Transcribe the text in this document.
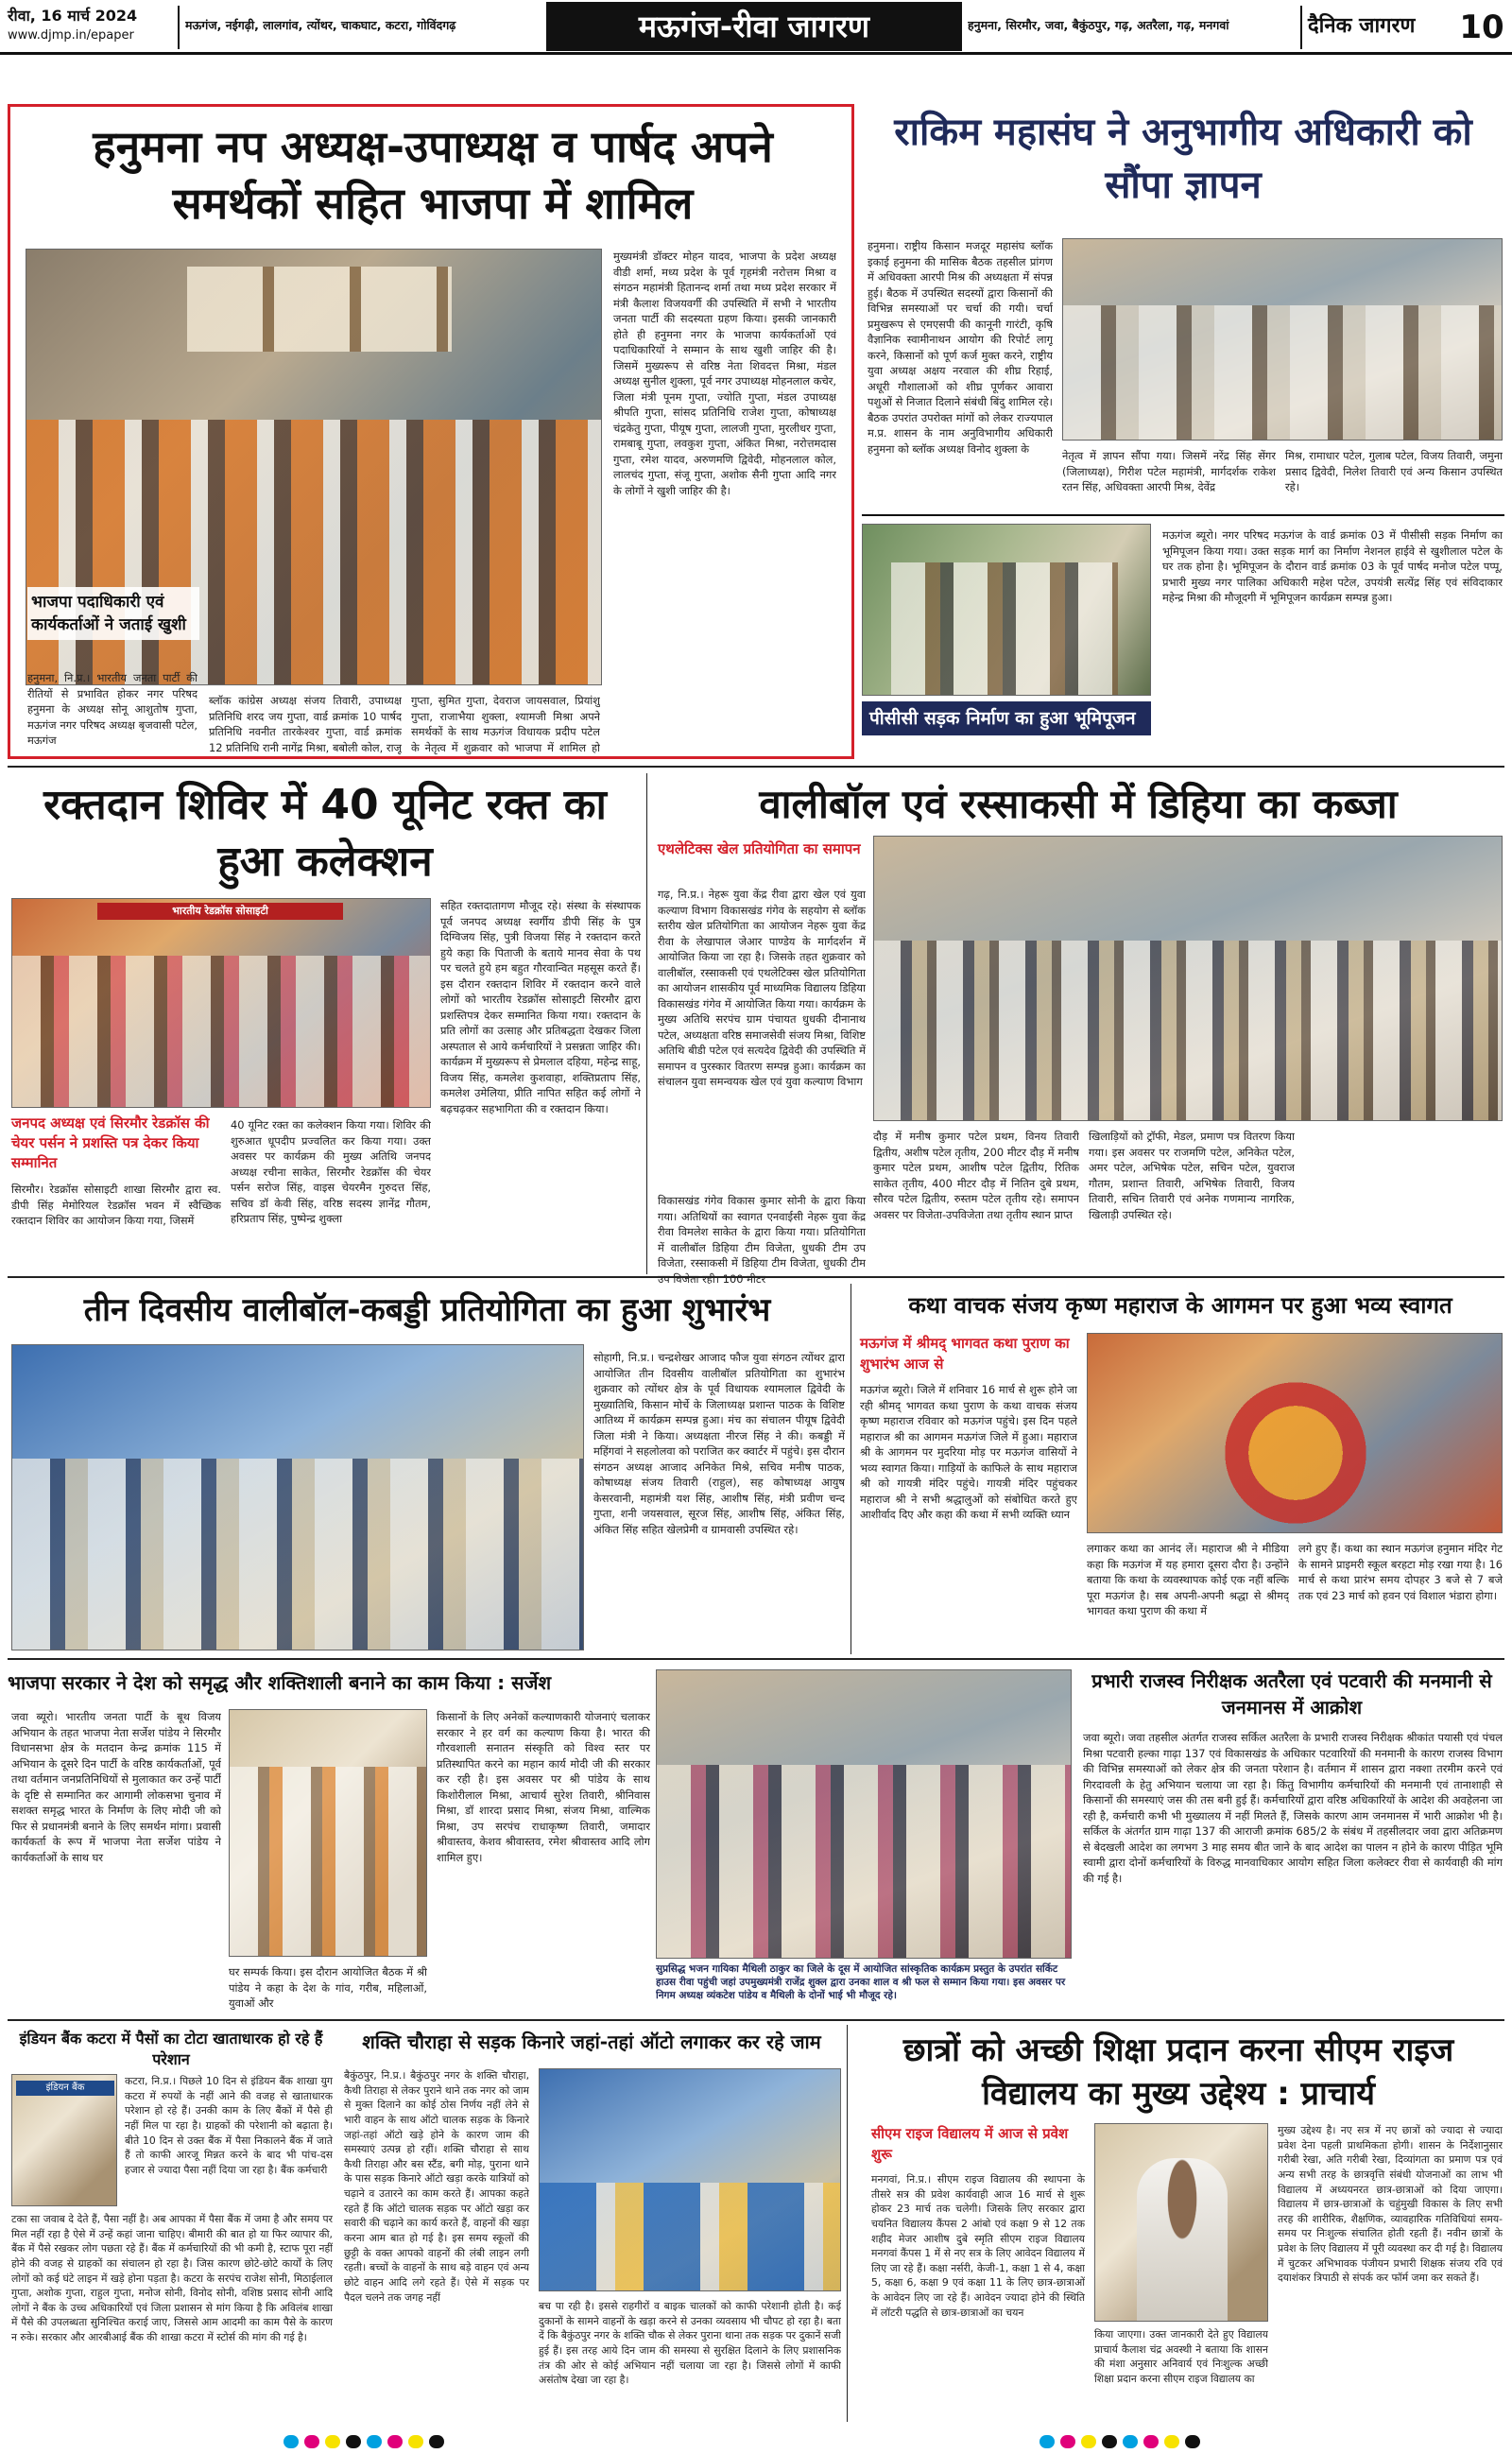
रीवा, 16 मार्च 2024
www.djmp.in/epaper
मऊगंज, नईगढ़ी, लालगांव, त्योंथर, चाकघाट, कटरा, गोविंदगढ़	मऊगंज-रीवा जागरण	हनुमना, सिरमौर, जवा, बैकुंठपुर, गढ़, अतरैला, गढ़, मनगवां	दैनिक जागरण	10
हनुमना नप अध्यक्ष-उपाध्यक्ष व पार्षद अपने समर्थकों सहित भाजपा में शामिल
भाजपा पदाधिकारी एवं कार्यकर्ताओं ने जताई खुशी
हनुमना, नि.प्र.। भारतीय जनता पार्टी की रीतियों से प्रभावित होकर नगर परिषद हनुमना के अध्यक्ष सोनू आशुतोष गुप्ता, मऊगंज नगर परिषद अध्यक्ष बृजवासी पटेल, मऊगंज
ब्लॉक कांग्रेस अध्यक्ष संजय तिवारी, उपाध्यक्ष प्रतिनिधि शरद जय गुप्ता, वार्ड क्रमांक 10 पार्षद प्रतिनिधि नवनीत तारकेश्वर गुप्ता, वार्ड क्रमांक 12 प्रतिनिधि रानी नागेंद्र मिश्रा, बबोली कोल, राजू
गुप्ता, सुमित गुप्ता, देवराज जायसवाल, प्रियांशु गुप्ता, राजाभैया शुक्ला, श्यामजी मिश्रा अपने समर्थकों के साथ मऊगंज विधायक प्रदीप पटेल के नेतृत्व में शुक्रवार को भाजपा में शामिल हो
मुख्यमंत्री डॉक्टर मोहन यादव, भाजपा के प्रदेश अध्यक्ष वीडी शर्मा, मध्य प्रदेश के पूर्व गृहमंत्री नरोत्तम मिश्रा व संगठन महामंत्री हितानन्द शर्मा तथा मध्य प्रदेश सरकार में मंत्री कैलाश विजयवर्गी की उपस्थिति में सभी ने भारतीय जनता पार्टी की सदस्यता ग्रहण किया। इसकी जानकारी होते ही हनुमना नगर के भाजपा कार्यकर्ताओं एवं पदाधिकारियों ने सम्मान के साथ खुशी जाहिर की है। जिसमें मुख्यरूप से वरिष्ठ नेता शिवदत्त मिश्रा, मंडल अध्यक्ष सुनील शुक्ला, पूर्व नगर उपाध्यक्ष मोहनलाल कचेर, जिला मंत्री पूनम गुप्ता, ज्योति गुप्ता, मंडल उपाध्यक्ष श्रीपति गुप्ता, सांसद प्रतिनिधि राजेश गुप्ता, कोषाध्यक्ष चंद्रकेतु गुप्ता, पीयूष गुप्ता, लालजी गुप्ता, मुरलीधर गुप्ता, रामबाबू गुप्ता, लवकुश गुप्ता, अंकित मिश्रा, नरोत्तमदास गुप्ता, रमेश यादव, अरुणमणि द्विवेदी, मोहनलाल कोल, लालचंद गुप्ता, संजू गुप्ता, अशोक सैनी गुप्ता आदि नगर के लोगों ने खुशी जाहिर की है।
राकिम महासंघ ने अनुभागीय अधिकारी को सौंपा ज्ञापन
हनुमना। राष्ट्रीय किसान मजदूर महासंघ ब्लॉक इकाई हनुमना की मासिक बैठक तहसील प्रांगण में अधिवक्ता आरपी मिश्र की अध्यक्षता में संपन्न हुई। बैठक में उपस्थित सदस्यों द्वारा किसानों की विभिन्न समस्याओं पर चर्चा की गयी। चर्चा प्रमुखरूप से एमएसपी की कानूनी गारंटी, कृषि वैज्ञानिक स्वामीनाथन आयोग की रिपोर्ट लागू करने, किसानों को पूर्ण कर्ज मुक्त करने, राष्ट्रीय युवा अध्यक्ष अक्षय नरवाल की शीघ्र रिहाई, अधूरी गौशालाओं को शीघ्र पूर्णकर आवारा पशुओं से निजात दिलाने संबंधी बिंदु शामिल रहे। बैठक उपरांत उपरोक्त मांगों को लेकर राज्यपाल म.प्र. शासन के नाम अनुविभागीय अधिकारी हनुमना को ब्लॉक अध्यक्ष विनोद शुक्ला के
नेतृत्व में ज्ञापन सौंपा गया। जिसमें नरेंद्र सिंह सेंगर (जिलाध्यक्ष), गिरीश पटेल महामंत्री, मार्गदर्शक राकेश रतन सिंह, अधिवक्ता आरपी मिश्र, देवेंद्र
मिश्र, रामाधार पटेल, गुलाब पटेल, विजय तिवारी, जमुना प्रसाद द्विवेदी, निलेश तिवारी एवं अन्य किसान उपस्थित रहे।
पीसीसी सड़क निर्माण का हुआ भूमिपूजन
मऊगंज ब्यूरो। नगर परिषद मऊगंज के वार्ड क्रमांक 03 में पीसीसी सड़क निर्माण का भूमिपूजन किया गया। उक्त सड़क मार्ग का निर्माण नेशनल हाईवे से खुशीलाल पटेल के घर तक होना है। भूमिपूजन के दौरान वार्ड क्रमांक 03 के पूर्व पार्षद मनोज पटेल पप्पू, प्रभारी मुख्य नगर पालिका अधिकारी महेश पटेल, उपयंत्री सत्येंद्र सिंह एवं संविदाकार महेन्द्र मिश्रा की मौजूदगी में भूमिपूजन कार्यक्रम सम्पन्न हुआ।
रक्तदान शिविर में 40 यूनिट रक्त का हुआ कलेक्शन
भारतीय रेडक्रॉस सोसाइटी
जनपद अध्यक्ष एवं सिरमौर रेडक्रॉस की चेयर पर्सन ने प्रशस्ति पत्र देकर किया सम्मानित
सिरमौर। रेडक्रॉस सोसाइटी शाखा सिरमौर द्वारा स्व. डीपी सिंह मेमोरियल रेडक्रॉस भवन में स्वैच्छिक रक्तदान शिविर का आयोजन किया गया, जिसमें
40 यूनिट रक्त का कलेक्शन किया गया। शिविर की शुरुआत धूपदीप प्रज्वलित कर किया गया। उक्त अवसर पर कार्यक्रम की मुख्य अतिथि जनपद अध्यक्ष रचीना साकेत, सिरमौर रेडक्रॉस की चेयर पर्सन सरोज सिंह, वाइस चेयरमैन गुरुदत्त सिंह, सचिव डॉ केवी सिंह, वरिष्ठ सदस्य ज्ञानेंद्र गौतम, हरिप्रताप सिंह, पुष्पेन्द्र शुक्ला
सहित रक्तदातागण मौजूद रहे। संस्था के संस्थापक पूर्व जनपद अध्यक्ष स्वर्गीय डीपी सिंह के पुत्र दिग्विजय सिंह, पुत्री विजया सिंह ने रक्तदान करते हुये कहा कि पिताजी के बताये मानव सेवा के पथ पर चलते हुये हम बहुत गौरवान्वित महसूस करते हैं। इस दौरान रक्तदान शिविर में रक्तदान करने वाले लोगों को भारतीय रेडक्रॉस सोसाइटी सिरमौर द्वारा प्रशस्तिपत्र देकर सम्मानित किया गया। रक्तदान के प्रति लोगों का उत्साह और प्रतिबद्धता देखकर जिला अस्पताल से आये कर्मचारियों ने प्रसन्नता जाहिर की। कार्यक्रम में मुख्यरूप से प्रेमलाल दहिया, महेन्द्र साहू, विजय सिंह, कमलेश कुशवाहा, शक्तिप्रताप सिंह, कमलेश उमेलिया, प्रीति नापित सहित कई लोगों ने बढ़चढ़कर सहभागिता की व रक्तदान किया।
वालीबॉल एवं रस्साकसी में डिहिया का कब्जा
एथलेटिक्स खेल प्रतियोगिता का समापन
गढ़, नि.प्र.। नेहरू युवा केंद्र रीवा द्वारा खेल एवं युवा कल्याण विभाग विकासखंड गंगेव के सहयोग से ब्लॉक स्तरीय खेल प्रतियोगिता का आयोजन नेहरू युवा केंद्र रीवा के लेखापाल जेआर पाण्डेय के मार्गदर्शन में आयोजित किया जा रहा है। जिसके तहत शुक्रवार को वालीबॉल, रस्साकसी एवं एथलेटिक्स खेल प्रतियोगिता का आयोजन शासकीय पूर्व माध्यमिक विद्यालय डिहिया विकासखंड गंगेव में आयोजित किया गया। कार्यक्रम के मुख्य अतिथि सरपंच ग्राम पंचायत धुधकी दीनानाथ पटेल, अध्यक्षता वरिष्ठ समाजसेवी संजय मिश्रा, विशिष्ट अतिथि बीडी पटेल एवं सत्यदेव द्विवेदी की उपस्थिति में समापन व पुरस्कार वितरण सम्पन्न हुआ। कार्यक्रम का संचालन युवा समन्वयक खेल एवं युवा कल्याण विभाग
विकासखंड गंगेव विकास कुमार सोनी के द्वारा किया गया। अतिथियों का स्वागत एनवाईसी नेहरू युवा केंद्र रीवा विमलेश साकेत के द्वारा किया गया। प्रतियोगिता में वालीबॉल डिहिया टीम विजेता, धुधकी टीम उप विजेता, रस्साकसी में डिहिया टीम विजेता, धुधकी टीम
दौड़ में मनीष कुमार पटेल प्रथम, विनय तिवारी द्वितीय, अशीष पटेल तृतीय, 200 मीटर दौड़ में मनीष कुमार पटेल प्रथम, आशीष पटेल द्वितीय, रितिक साकेत तृतीय, 400 मीटर दौड़ में नितिन दुबे प्रथम, सौरव पटेल द्वितीय, रुस्तम पटेल तृतीय रहे। समापन अवसर पर विजेता-उपविजेता तथा तृतीय स्थान प्राप्त
खिलाड़ियों को ट्रॉफी, मेडल, प्रमाण पत्र वितरण किया गया। इस अवसर पर राजमणि पटेल, अनिकेत पटेल, अमर पटेल, अभिषेक पटेल, सचिन पटेल, युवराज गौतम, प्रशान्त तिवारी, अभिषेक तिवारी, विजय तिवारी, सचिन तिवारी एवं अनेक गणमान्य नागरिक, खिलाड़ी उपस्थित रहे।
तीन दिवसीय वालीबॉल-कबड्डी प्रतियोगिता का हुआ शुभारंभ
सोहागी, नि.प्र.। चन्द्रशेखर आजाद फौज युवा संगठन त्योंथर द्वारा आयोजित तीन दिवसीय वालीबॉल प्रतियोगिता का शुभारंभ शुक्रवार को त्योंथर क्षेत्र के पूर्व विधायक श्यामलाल द्विवेदी के मुख्यातिथि, किसान मोर्चे के जिलाध्यक्ष प्रशान्त पाठक के विशिष्ट आतिथ्य में कार्यक्रम सम्पन्न हुआ। मंच का संचालन पीयूष द्विवेदी जिला मंत्री ने किया। अध्यक्षता नीरज सिंह ने की। कबड्डी में महिंगवां ने सहलोलवा को पराजित कर क्वार्टर में पहुंचे। इस दौरान संगठन अध्यक्ष आजाद अनिकेत मिश्रे, सचिव मनीष पाठक, कोषाध्यक्ष संजय तिवारी (राहुल), सह कोषाध्यक्ष आयुष केसरवानी, महामंत्री यश सिंह, आशीष सिंह, मंत्री प्रवीण चन्द गुप्ता, शनी जयसवाल, सूरज सिंह, आशीष सिंह, अंकित सिंह, अंकित सिंह सहित खेलप्रेमी व ग्रामवासी उपस्थित रहे।
कथा वाचक संजय कृष्ण महाराज के आगमन पर हुआ भव्य स्वागत
मऊगंज में श्रीमद् भागवत कथा पुराण का शुभारंभ आज से
मऊगंज ब्यूरो। जिले में शनिवार 16 मार्च से शुरू होने जा रही श्रीमद् भागवत कथा पुराण के कथा वाचक संजय कृष्ण महाराज रविवार को मऊगंज पहुंचे। इस दिन पहले महाराज श्री का आगमन मऊगंज जिले में हुआ। महाराज श्री के आगमन पर मुदरिया मोड़ पर मऊगंज वासियों ने भव्य स्वागत किया। गाड़ियों के काफिले के साथ महाराज श्री को गायत्री मंदिर पहुंचे। गायत्री मंदिर पहुंचकर महाराज श्री ने सभी श्रद्धालुओं को संबोधित करते हुए आशीर्वाद दिए और कहा की कथा में सभी व्यक्ति ध्यान
लगाकर कथा का आनंद लें। महाराज श्री ने मीडिया कहा कि मऊगंज में यह हमारा दूसरा दौरा है। उन्होंने बताया कि कथा के व्यवस्थापक कोई एक नहीं बल्कि पूरा मऊगंज है। सब अपनी-अपनी श्रद्धा से श्रीमद् भागवत कथा पुराण की कथा में
लगे हुए हैं। कथा का स्थान मऊगंज हनुमान मंदिर गेट के सामने प्राइमरी स्कूल बरहटा मोड़ रखा गया है। 16 मार्च से कथा प्रारंभ समय दोपहर 3 बजे से 7 बजे तक एवं 23 मार्च को हवन एवं विशाल भंडारा होगा।
भाजपा सरकार ने देश को समृद्ध और शक्तिशाली बनाने का काम किया : सर्जेश
जवा ब्यूरो। भारतीय जनता पार्टी के बूथ विजय अभियान के तहत भाजपा नेता सर्जेश पांडेय ने सिरमौर विधानसभा क्षेत्र के मतदान केन्द्र क्रमांक 115 में अभियान के दूसरे दिन पार्टी के वरिष्ठ कार्यकर्ताओं, पूर्व तथा वर्तमान जनप्रतिनिधियों से मुलाकात कर उन्हें पार्टी के दृष्टि से सम्मानित कर आगामी लोकसभा चुनाव में सशक्त समृद्ध भारत के निर्माण के लिए मोदी जी को फिर से प्रधानमंत्री बनाने के लिए समर्थन मांगा। प्रवासी कार्यकर्ता के रूप में भाजपा नेता सर्जेश पांडेय ने कार्यकर्ताओं के साथ घर
घर सम्पर्क किया। इस दौरान आयोजित बैठक में श्री पांडेय ने कहा के देश के गांव, गरीब, महिलाओं, युवाओं और
किसानों के लिए अनेकों कल्याणकारी योजनाएं चलाकर सरकार ने हर वर्ग का कल्याण किया है। भारत की गौरवशाली सनातन संस्कृति को विश्व स्तर पर प्रतिस्थापित करने का महान कार्य मोदी जी की सरकार कर रही है। इस अवसर पर श्री पांडेय के साथ किशोरीलाल मिश्रा, आचार्य सुरेश तिवारी, श्रीनिवास मिश्रा, डॉ शारदा प्रसाद मिश्रा, संजय मिश्रा, वाल्मिक मिश्रा, उप सरपंच राधाकृष्ण तिवारी, जमादार श्रीवास्तव, केशव श्रीवास्तव, रमेश श्रीवास्तव आदि लोग शामिल हुए।
सुप्रसिद्ध भजन गायिका मैथिली ठाकुर का जिले के दूस में आयोजित सांस्कृतिक कार्यक्रम प्रस्तुत के उपरांत सर्किट हाउस रीवा पहुंची जहां उपमुख्यमंत्री राजेंद्र शुक्ल द्वारा उनका शाल व श्री फल से सम्मान किया गया। इस अवसर पर निगम अध्यक्ष व्यंकटेश पांडेय व मैथिली के दोनों भाई भी मौजूद रहे।
प्रभारी राजस्व निरीक्षक अतरैला एवं पटवारी की मनमानी से जनमानस में आक्रोश
जवा ब्यूरो। जवा तहसील अंतर्गत राजस्व सर्किल अतरैला के प्रभारी राजस्व निरीक्षक श्रीकांत पयासी एवं पंचल मिश्रा पटवारी हल्का गाढ़ा 137 एवं विकासखंड के अधिकार पटवारियों की मनमानी के कारण राजस्व विभाग की विभिन्न समस्याओं को लेकर क्षेत्र की जनता परेशान है। वर्तमान में शासन द्वारा नक्शा तरमीम करने एवं गिरदावली के हेतु अभियान चलाया जा रहा है। किंतु विभागीय कर्मचारियों की मनमानी एवं तानाशाही से किसानों की समस्याएं जस की तस बनी हुई हैं। कर्मचारियों द्वारा वरिष्ठ अधिकारियों के आदेश की अवहेलना जा रही है, कर्मचारी कभी भी मुख्यालय में नहीं मिलते हैं, जिसके कारण आम जनमानस में भारी आक्रोश भी है। सर्किल के अंतर्गत ग्राम गाढ़ा 137 की आराजी क्रमांक 685/2 के संबंध में तहसीलदार जवा द्वारा अतिक्रमण से बेदखली आदेश का लगभग 3 माह समय बीत जाने के बाद आदेश का पालन न होने के कारण पीड़ित भूमि स्वामी द्वारा दोनों कर्मचारियों के विरुद्ध मानवाधिकार आयोग सहित जिला कलेक्टर रीवा से कार्यवाही की मांग की गई है।
इंडियन बैंक कटरा में पैसों का टोटा खाताधारक हो रहे हैं परेशान
इंडियन बैंक
कटरा, नि.प्र.। पिछले 10 दिन से इंडियन बैंक शाखा युग कटरा में रुपयों के नहीं आने की वजह से खाताधारक परेशान हो रहे हैं। उनकी काम के लिए बैंकों में पैसे ही नहीं मिल पा रहा है। ग्राहकों की परेशानी को बढ़ाता है। बीते 10 दिन से उक्त बैंक में पैसा निकालने बैंक में जाते हैं तो काफी आरजू मिन्नत करने के बाद भी पांच-दस हजार से ज्यादा पैसा नहीं दिया जा रहा है। बैंक कर्मचारी
टका सा जवाब दे देते हैं, पैसा नहीं है। अब आपका में पैसा बैंक में जमा है और समय पर मिल नहीं रहा है ऐसे में उन्हें कहां जाना चाहिए। बीमारी की बात हो या फिर व्यापार की, बैंक में पैसे रखकर लोग पछता रहे हैं। बैंक में कर्मचारियों की भी कमी है, स्टाफ पूरा नहीं होने की वजह से ग्राहकों का संचालन हो रहा है। जिस कारण छोटे-छोटे कार्यों के लिए लोगों को कई घंटे लाइन में खड़े होना पड़ता है। कटरा के सरपंच राजेश सोनी, मिठाईलाल गुप्ता, अशोक गुप्ता, राहुल गुप्ता, मनोज सोनी, विनोद सोनी, वशिष्ठ प्रसाद सोनी आदि लोगों ने बैंक के उच्च अधिकारियों एवं जिला प्रशासन से मांग किया है कि अविलंब शाखा में पैसे की उपलब्धता सुनिश्चित कराई जाए, जिससे आम आदमी का काम पैसे के कारण न रुके। सरकार और आरबीआई बैंक की शाखा कटरा में स्टोर्स की मांग की गई है।
शक्ति चौराहा से सड़क किनारे जहां-तहां ऑटो लगाकर कर रहे जाम
बैकुंठपुर, नि.प्र.। बैकुंठपुर नगर के शक्ति चौराहा, कैथी तिराहा से लेकर पुराने थाने तक नगर को जाम से मुक्त दिलाने का कोई ठोस निर्णय नहीं लेने से भारी वाहन के साथ ऑटो चालक सड़क के किनारे जहां-तहां ऑटो खड़े होने के कारण जाम की समस्याएं उत्पन्न हो रहीं। शक्ति चौराहा से साथ कैथी तिराहा और बस स्टैंड, बगी मोड़, पुराना थाने के पास सड़क किनारे ऑटो खड़ा करके यात्रियों को चढ़ाने व उतारने का काम करते हैं। आपका कहते रहते हैं कि ऑटो चालक सड़क पर ऑटो खड़ा कर सवारी की चढ़ाने का कार्य करते हैं, वाहनों की खड़ा करना आम बात हो गई है। इस समय स्कूलों की छुट्टी के वक्त आपको वाहनों की लंबी लाइन लगी रहती। बच्चों के वाहनों के साथ बड़े वाहन एवं अन्य छोटे वाहन आदि लगे रहते हैं। ऐसे में सड़क पर पैदल चलने तक जगह नहीं
बच पा रही है। इससे राहगीरों व बाइक चालकों को काफी परेशानी होती है। कई दुकानों के सामने वाहनों के खड़ा करने से उनका व्यवसाय भी चौपट हो रहा है। बता दें कि बैकुंठपुर नगर के शक्ति चौक से लेकर पुराना थाना तक सड़क पर दुकानें सजी हुई हैं। इस तरह आये दिन जाम की समस्या से सुरक्षित दिलाने के लिए प्रशासनिक तंत्र की ओर से कोई अभियान नहीं चलाया जा रहा है। जिससे लोगों में काफी असंतोष देखा जा रहा है।
छात्रों को अच्छी शिक्षा प्रदान करना सीएम राइज विद्यालय का मुख्य उद्देश्य : प्राचार्य
सीएम राइज विद्यालय में आज से प्रवेश शुरू
मनगवां, नि.प्र.। सीएम राइज विद्यालय की स्थापना के तीसरे सत्र की प्रवेश कार्यवाही आज 16 मार्च से शुरू होकर 23 मार्च तक चलेगी। जिसके लिए सरकार द्वारा चयनित विद्यालय कैंपस 2 आंबो एवं कक्षा 9 से 12 तक शहीद मेजर आशीष दुबे स्मृति सीएम राइज विद्यालय मनगवां कैंपस 1 में से नए सत्र के लिए आवेदन विद्यालय में लिए जा रहे हैं। कक्षा नर्सरी, केजी-1, कक्षा 1 से 4, कक्षा 5, कक्षा 6, कक्षा 9 एवं कक्षा 11 के लिए छात्र-छात्राओं के आवेदन लिए जा रहे हैं। आवेदन ज्यादा होने की स्थिति में लॉटरी पद्धति से छात्र-छात्राओं का चयन
किया जाएगा। उक्त जानकारी देते हुए विद्यालय प्राचार्य कैलाश चंद्र अवस्थी ने बताया कि शासन की मंशा अनुसार अनिवार्य एवं निःशुल्क अच्छी शिक्षा प्रदान करना सीएम राइज विद्यालय का
मुख्य उद्देश्य है। नए सत्र में नए छात्रों को ज्यादा से ज्यादा प्रवेश देना पहली प्राथमिकता होगी। शासन के निर्देशानुसार गरीबी रेखा, अति गरीबी रेखा, दिव्यांगता का प्रमाण पत्र एवं अन्य सभी तरह के छात्रवृत्ति संबंधी योजनाओं का लाभ भी विद्यालय में अध्ययनरत छात्र-छात्राओं को दिया जाएगा। विद्यालय में छात्र-छात्राओं के चहुंमुखी विकास के लिए सभी तरह की शारीरिक, शैक्षणिक, व्यावहारिक गतिविधियां समय-समय पर निःशुल्क संचालित होती रहती हैं। नवीन छात्रों के प्रवेश के लिए विद्यालय में पूरी व्यवस्था कर दी गई है। विद्यालय में चुटकर अभिभावक पंजीयन प्रभारी शिक्षक संजय रवि एवं दयाशंकर त्रिपाठी से संपर्क कर फॉर्म जमा कर सकते हैं।
